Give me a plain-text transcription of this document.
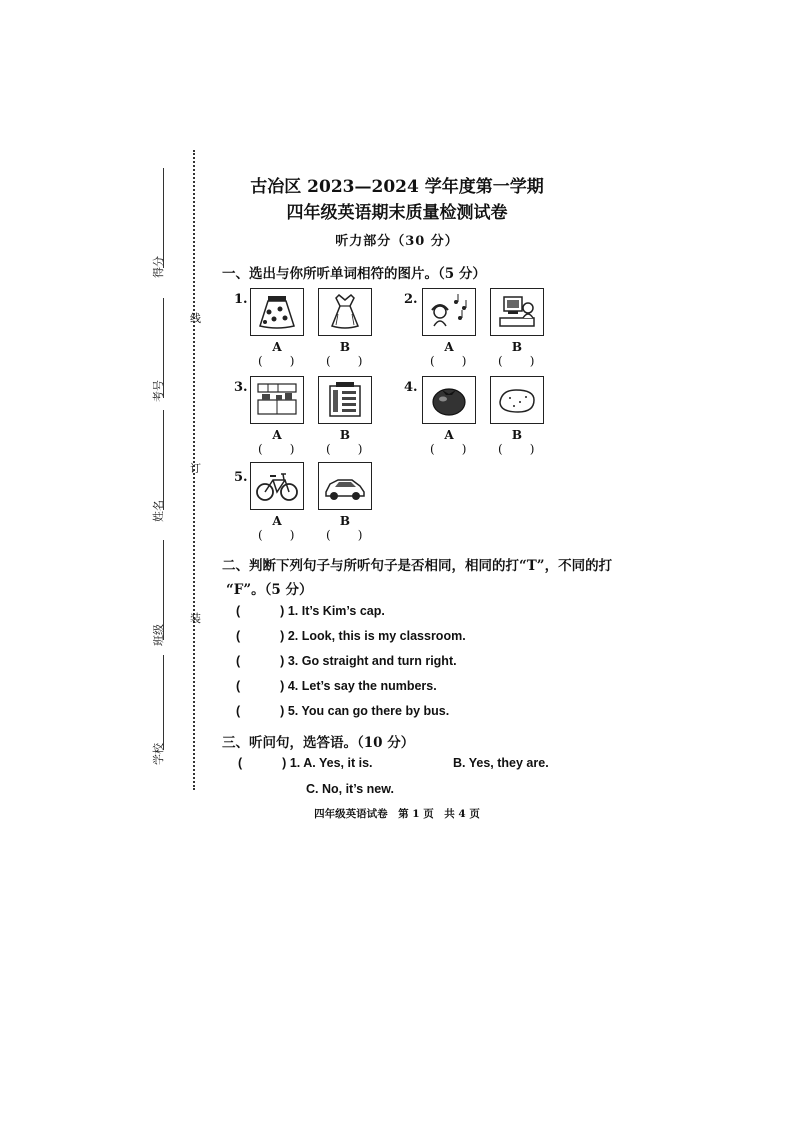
线
订
装
得分
考号
姓名
班级
学校
古冶区 2023—2024 学年度第一学期
四年级英语期末质量检测试卷
听力部分（30 分）
一、选出与你所听单词相符的图片。（5 分）
1.
A	B
( )	( )
2.
A	B
( )	( )
3.
A	B
( )	( )
4.
A	B
( )	( )
5.
A	B
( )	( )
二、判断下列句子与所听句子是否相同，相同的打“T”，不同的打
“F”。（5 分）
(	) 1. It’s Kim’s cap.
(	) 2. Look, this is my classroom.
(	) 3. Go straight and turn right.
(	) 4. Let’s say the numbers.
(	) 5. You can go there by bus.
三、听问句，选答语。（10 分）
(	) 1. A. Yes, it is.	B. Yes, they are.
C. No, it’s new.
四年级英语试卷　第 1 页　共 4 页
